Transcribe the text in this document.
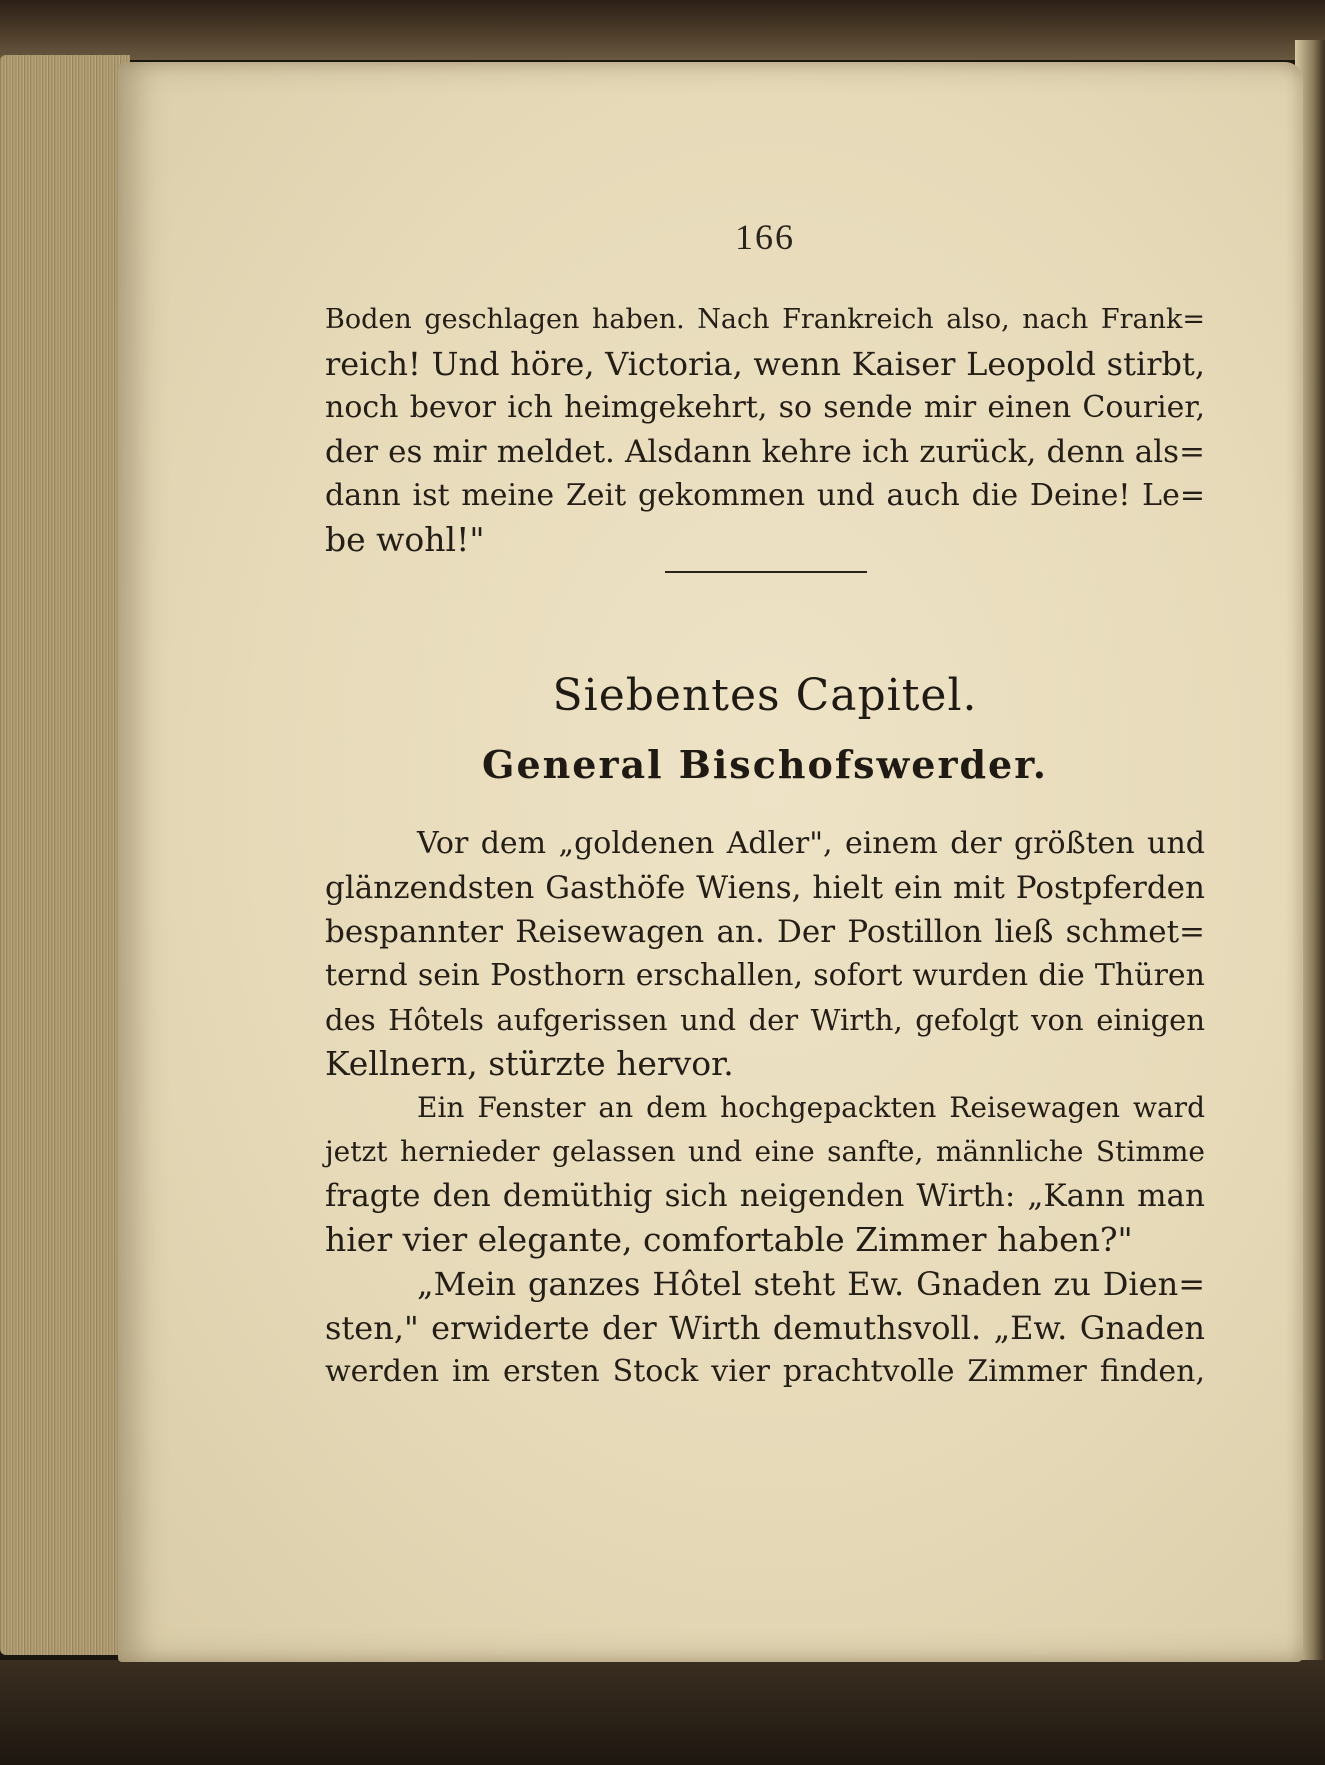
166
Boden geschlagen haben. Nach Frankreich also, nach Frank=
reich! Und höre, Victoria, wenn Kaiser Leopold stirbt,
noch bevor ich heimgekehrt, so sende mir einen Courier,
der es mir meldet. Alsdann kehre ich zurück, denn als=
dann ist meine Zeit gekommen und auch die Deine! Le=
be wohl!"
Siebentes Capitel.
General Bischofswerder.
Vor dem „goldenen Adler", einem der größten und
glänzendsten Gasthöfe Wiens, hielt ein mit Postpferden
bespannter Reisewagen an. Der Postillon ließ schmet=
ternd sein Posthorn erschallen, sofort wurden die Thüren
des Hôtels aufgerissen und der Wirth, gefolgt von einigen
Kellnern, stürzte hervor.
Ein Fenster an dem hochgepackten Reisewagen ward
jetzt hernieder gelassen und eine sanfte, männliche Stimme
fragte den demüthig sich neigenden Wirth: „Kann man
hier vier elegante, comfortable Zimmer haben?"
„Mein ganzes Hôtel steht Ew. Gnaden zu Dien=
sten," erwiderte der Wirth demuthsvoll. „Ew. Gnaden
werden im ersten Stock vier prachtvolle Zimmer finden,
